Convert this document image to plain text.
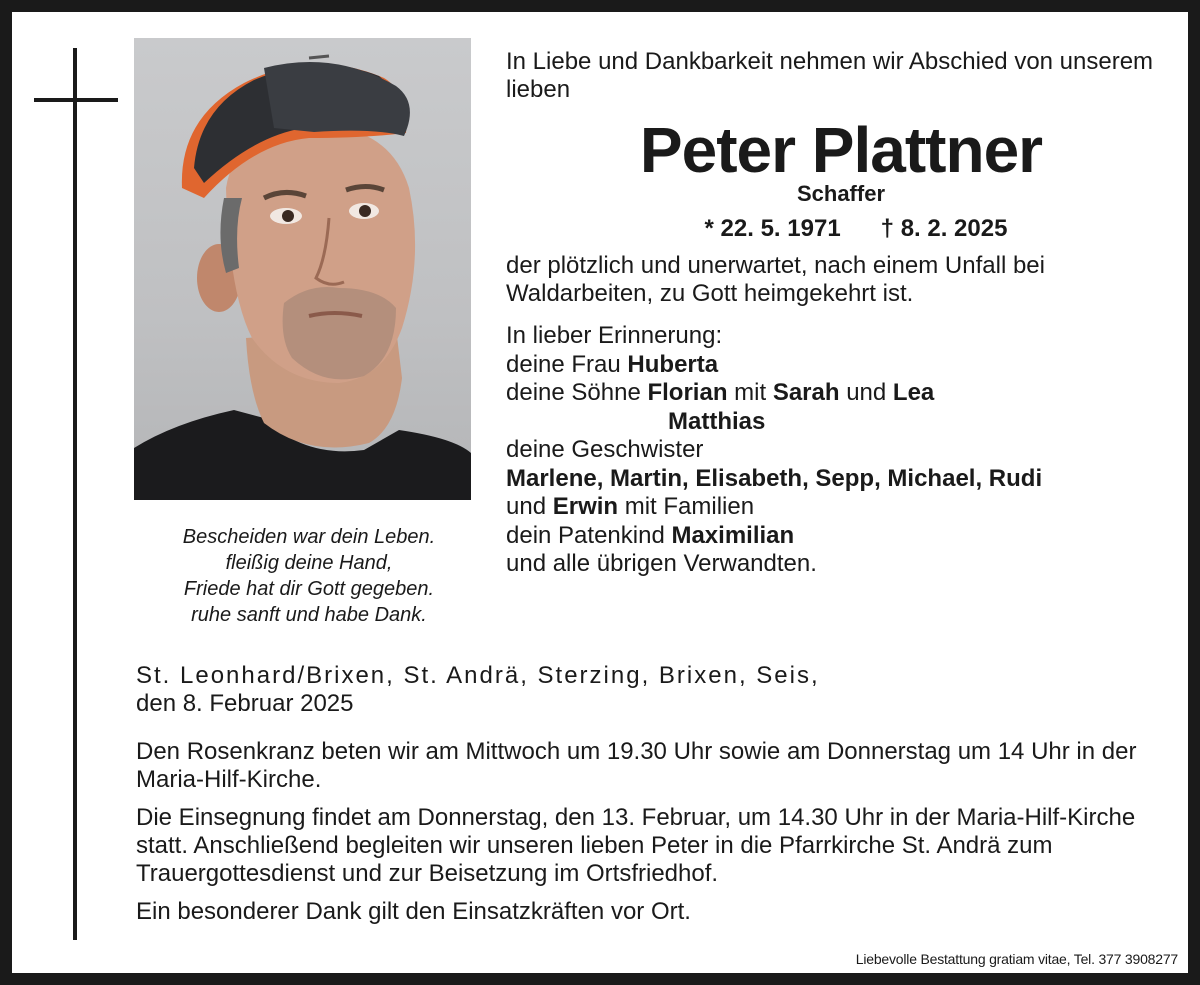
Bescheiden war dein Leben.
fleißig deine Hand,
Friede hat dir Gott gegeben.
ruhe sanft und habe Dank.

In Liebe und Dankbarkeit nehmen wir Abschied von unserem lieben

Peter Plattner
Schaffer
* 22. 5. 1971 † 8. 2. 2025

der plötzlich und unerwartet, nach einem Unfall bei Waldarbeiten, zu Gott heimgekehrt ist.

In lieber Erinnerung:
deine Frau Huberta
deine Söhne Florian mit Sarah und Lea
Matthias
deine Geschwister
Marlene, Martin, Elisabeth, Sepp, Michael, Rudi
und Erwin mit Familien
dein Patenkind Maximilian
und alle übrigen Verwandten.

St. Leonhard/Brixen, St. Andrä, Sterzing, Brixen, Seis,

den 8. Februar 2025

Den Rosenkranz beten wir am Mittwoch um 19.30 Uhr sowie am Donnerstag um 14 Uhr in der Maria-Hilf-Kirche.

Die Einsegnung findet am Donnerstag, den 13. Februar, um 14.30 Uhr in der Maria-Hilf-Kirche statt. Anschließend begleiten wir unseren lieben Peter in die Pfarrkirche St. Andrä zum Trauergottesdienst und zur Beisetzung im Ortsfriedhof.

Ein besonderer Dank gilt den Einsatzkräften vor Ort.

Liebevolle Bestattung gratiam vitae, Tel. 377 3908277
